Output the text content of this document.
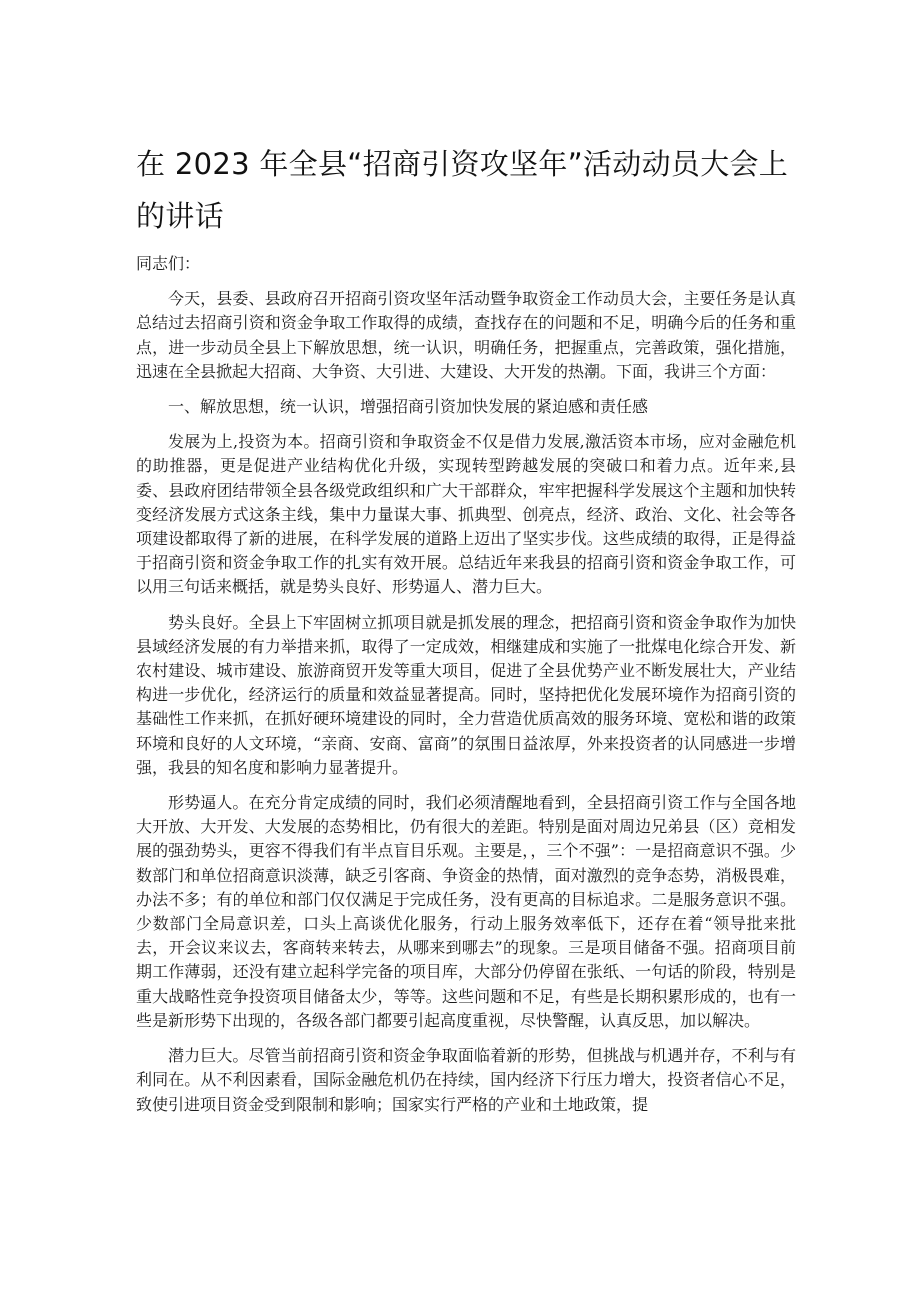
在 2023 年全县“招商引资攻坚年”活动动员大会上的讲话

同志们：

今天，县委、县政府召开招商引资攻坚年活动暨争取资金工作动员大会，主要任务是认真总结过去招商引资和资金争取工作取得的成绩，查找存在的问题和不足，明确今后的任务和重点，进一步动员全县上下解放思想，统一认识，明确任务，把握重点，完善政策，强化措施，迅速在全县掀起大招商、大争资、大引进、大建设、大开发的热潮。下面，我讲三个方面：

一、解放思想，统一认识，增强招商引资加快发展的紧迫感和责任感

发展为上,投资为本。招商引资和争取资金不仅是借力发展,激活资本市场，应对金融危机的助推器，更是促进产业结构优化升级，实现转型跨越发展的突破口和着力点。近年来,县委、县政府团结带领全县各级党政组织和广大干部群众，牢牢把握科学发展这个主题和加快转变经济发展方式这条主线，集中力量谋大事、抓典型、创亮点，经济、政治、文化、社会等各项建设都取得了新的进展，在科学发展的道路上迈出了坚实步伐。这些成绩的取得，正是得益于招商引资和资金争取工作的扎实有效开展。总结近年来我县的招商引资和资金争取工作，可以用三句话来概括，就是势头良好、形势逼人、潜力巨大。

势头良好。全县上下牢固树立抓项目就是抓发展的理念，把招商引资和资金争取作为加快县域经济发展的有力举措来抓，取得了一定成效，相继建成和实施了一批煤电化综合开发、新农村建设、城市建设、旅游商贸开发等重大项目，促进了全县优势产业不断发展壮大，产业结构进一步优化，经济运行的质量和效益显著提高。同时，坚持把优化发展环境作为招商引资的基础性工作来抓，在抓好硬环境建设的同时，全力营造优质高效的服务环境、宽松和谐的政策环境和良好的人文环境，“亲商、安商、富商”的氛围日益浓厚，外来投资者的认同感进一步增强，我县的知名度和影响力显著提升。

形势逼人。在充分肯定成绩的同时，我们必须清醒地看到，全县招商引资工作与全国各地大开放、大开发、大发展的态势相比，仍有很大的差距。特别是面对周边兄弟县（区）竞相发展的强劲势头，更容不得我们有半点盲目乐观。主要是，，三个不强”：一是招商意识不强。少数部门和单位招商意识淡薄，缺乏引客商、争资金的热情，面对激烈的竞争态势，消极畏难，办法不多；有的单位和部门仅仅满足于完成任务，没有更高的目标追求。二是服务意识不强。少数部门全局意识差，口头上高谈优化服务，行动上服务效率低下，还存在着“领导批来批去，开会议来议去，客商转来转去，从哪来到哪去”的现象。三是项目储备不强。招商项目前期工作薄弱，还没有建立起科学完备的项目库，大部分仍停留在张纸、一句话的阶段，特别是重大战略性竞争投资项目储备太少，等等。这些问题和不足，有些是长期积累形成的，也有一些是新形势下出现的，各级各部门都要引起高度重视，尽快警醒，认真反思，加以解决。

潜力巨大。尽管当前招商引资和资金争取面临着新的形势，但挑战与机遇并存，不利与有利同在。从不利因素看，国际金融危机仍在持续，国内经济下行压力增大，投资者信心不足，致使引进项目资金受到限制和影响；国家实行严格的产业和土地政策，提
